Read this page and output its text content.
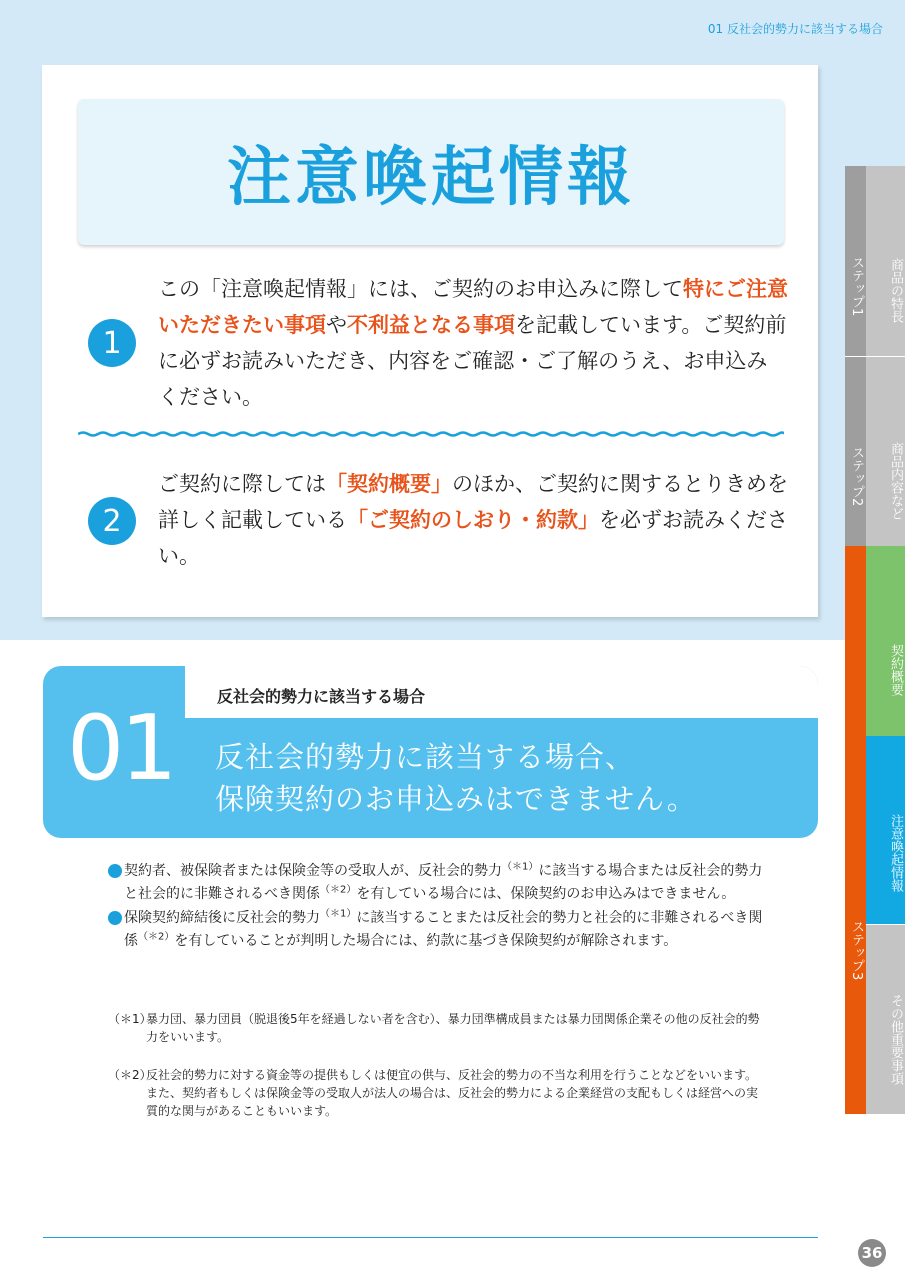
01 反社会的勢力に該当する場合
注意喚起情報
1
この「注意喚起情報」には、ご契約のお申込みに際して特にご注意いただきたい事項や不利益となる事項を記載しています。ご契約前に必ずお読みいただき、内容をご確認・ご了解のうえ、お申込みください。
2
ご契約に際しては「契約概要」のほか、ご契約に関するとりきめを詳しく記載している「ご契約のしおり・約款」を必ずお読みください。
01	反社会的勢力に該当する場合
反社会的勢力に該当する場合、
保険契約のお申込みはできません。
契約者、被保険者または保険金等の受取人が、反社会的勢力$^{(*1)}$に該当する場合または反社会的勢力と社会的に非難されるべき関係$^{(*2)}$を有している場合には、保険契約のお申込みはできません。
保険契約締結後に反社会的勢力$^{(*1)}$に該当することまたは反社会的勢力と社会的に非難されるべき関係$^{(*2)}$を有していることが判明した場合には、約款に基づき保険契約が解除されます。
（＊1）
暴力団、暴力団員（脱退後5年を経過しない者を含む）、暴力団準構成員または暴力団関係企業その他の反社会的勢力をいいます。
（＊2）
反社会的勢力に対する資金等の提供もしくは便宜の供与、反社会的勢力の不当な利用を行うことなどをいいます。また、契約者もしくは保険金等の受取人が法人の場合は、反社会的勢力による企業経営の支配もしくは経営への実質的な関与があることもいいます。
36
ステップ1
ステップ2
ステップ3
商品の特長
商品内容など
契約概要
注意喚起情報
その他重要事項
